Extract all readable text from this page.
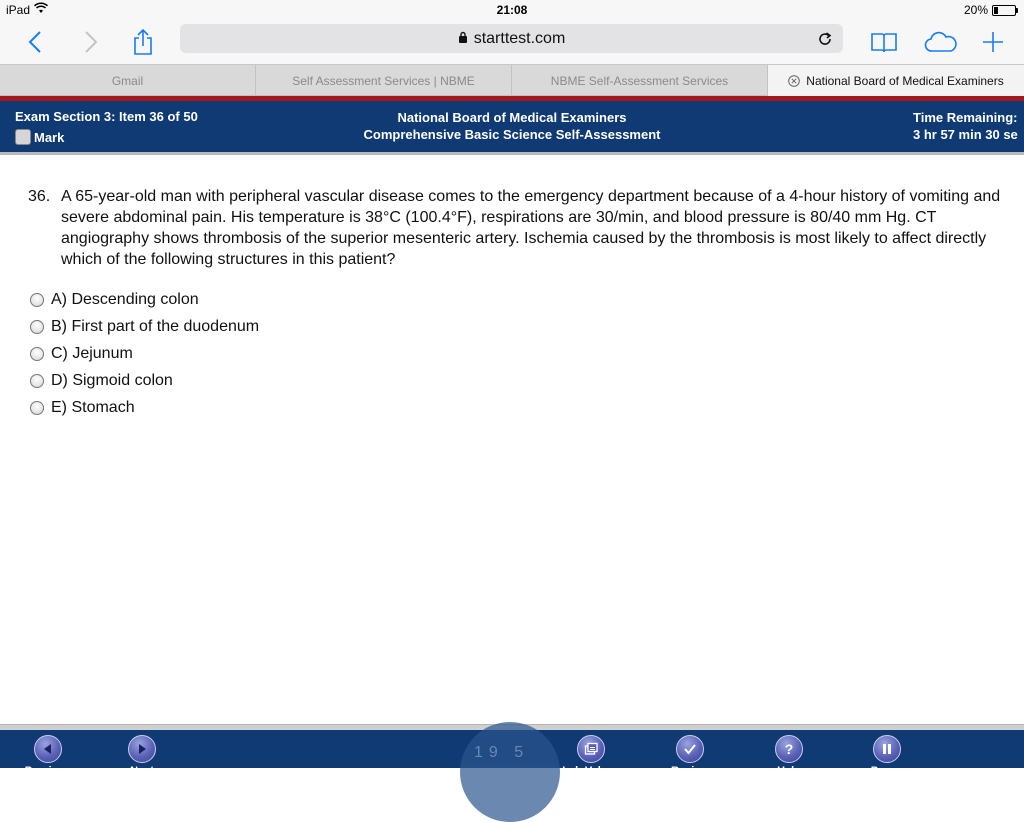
iPad	21:08	20%
starttest.com
Gmail	Self Assessment Services | NBME	NBME Self-Assessment Services	National Board of Medical Examiners
Exam Section 3: Item 36 of 50
Mark
National Board of Medical Examiners
Comprehensive Basic Science Self-Assessment
Time Remaining:
3 hr 57 min 30 se
36. A 65-year-old man with peripheral vascular disease comes to the emergency department because of a 4-hour history of vomiting and severe abdominal pain. His temperature is 38°C (100.4°F), respirations are 30/min, and blood pressure is 80/40 mm Hg. CT angiography shows thrombosis of the superior mesenteric artery. Ischemia caused by the thrombosis is most likely to affect directly which of the following structures in this patient?
A) Descending colon
B) First part of the duodenum
C) Jejunum
D) Sigmoid colon
E) Stomach
19 5
Previous	Next	Lab Values	Review
?
Help	Pause
